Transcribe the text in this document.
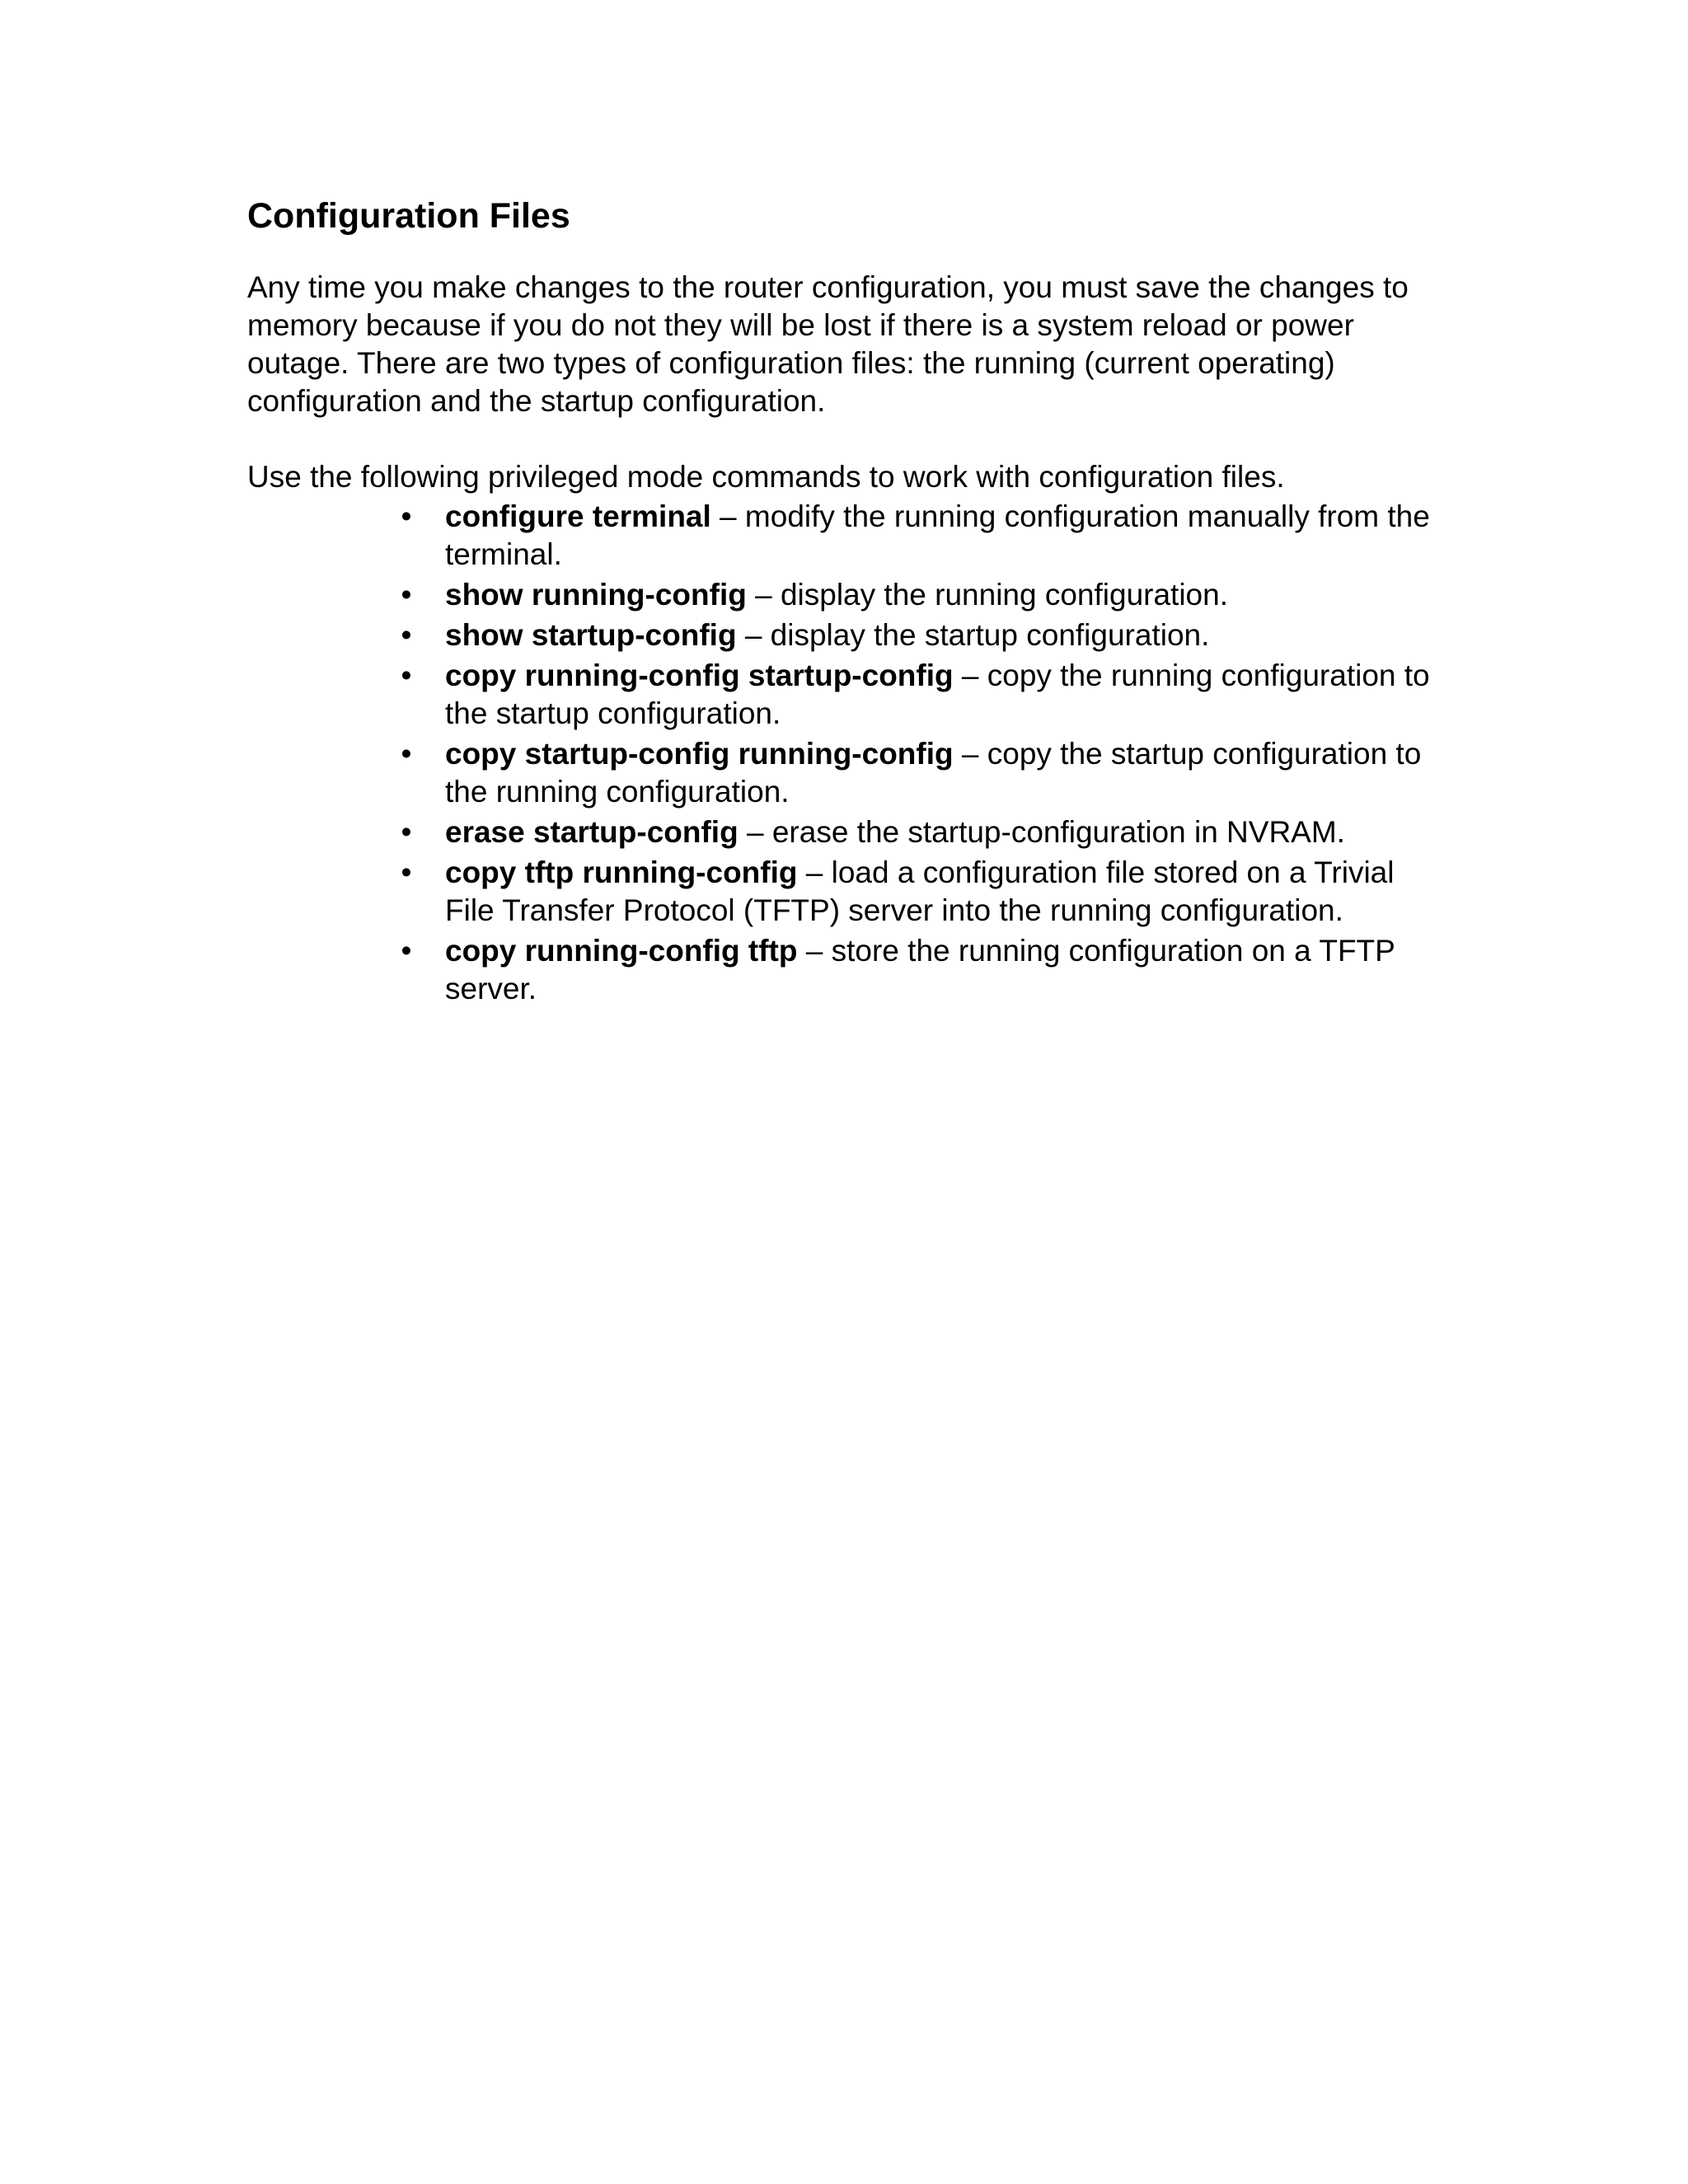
Configuration Files

Any time you make changes to the router configuration, you must save the changes to memory because if you do not they will be lost if there is a system reload or power outage. There are two types of configuration files: the running (current operating) configuration and the startup configuration.

Use the following privileged mode commands to work with configuration files.

• configure terminal – modify the running configuration manually from the terminal.
• show running-config – display the running configuration.
• show startup-config – display the startup configuration.
• copy running-config startup-config – copy the running configuration to the startup configuration.
• copy startup-config running-config – copy the startup configuration to the running configuration.
• erase startup-config – erase the startup-configuration in NVRAM.
• copy tftp running-config – load a configuration file stored on a Trivial File Transfer Protocol (TFTP) server into the running configuration.
• copy running-config tftp – store the running configuration on a TFTP server.
